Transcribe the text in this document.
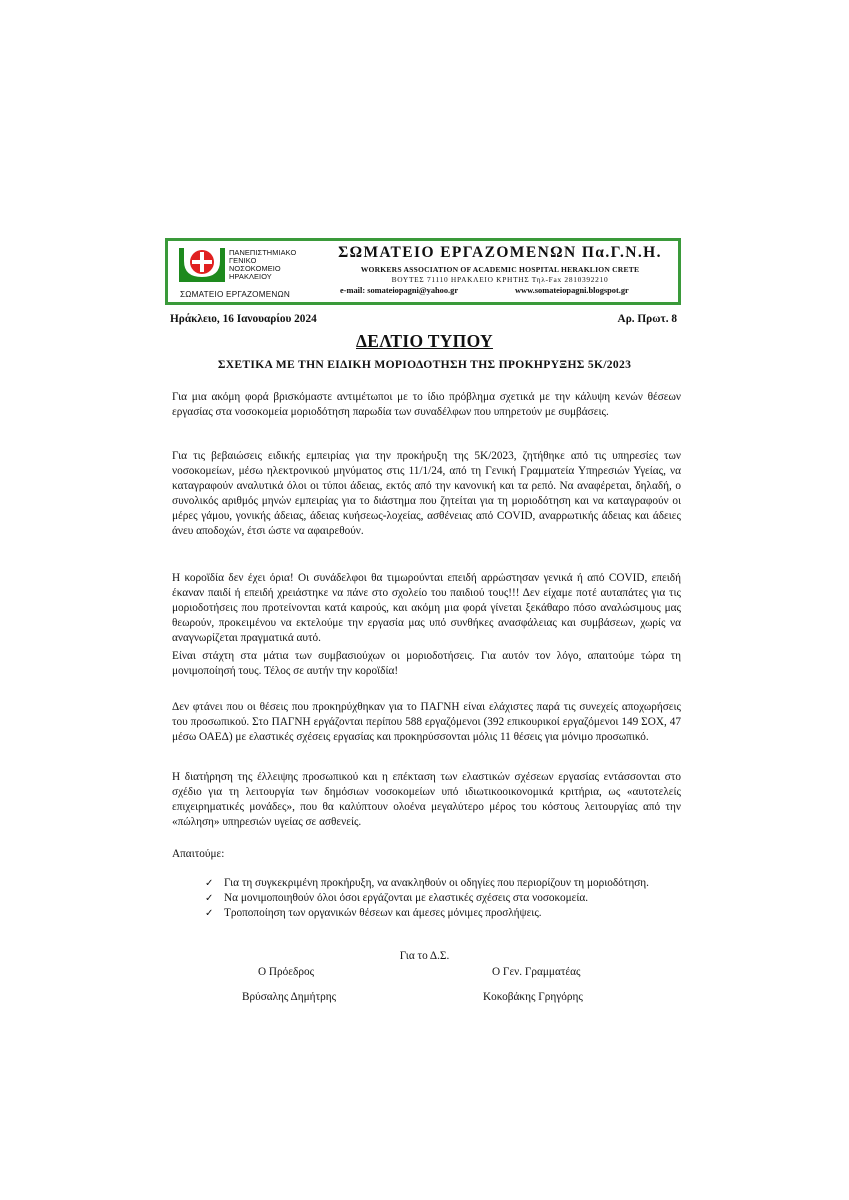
ΠΑΝΕΠΙΣΤΗΜΙΑΚΟ
ΓΕΝΙΚΟ
ΝΟΣΟΚΟΜΕΙΟ
ΗΡΑΚΛΕΙΟΥ
ΣΩΜΑΤΕΙΟ ΕΡΓΑΖΟΜΕΝΩΝ
ΣΩΜΑΤΕΙΟ ΕΡΓΑΖΟΜΕΝΩΝ Πα.Γ.Ν.Η.
WORKERS ASSOCIATION OF ACADEMIC HOSPITAL HERAKLION CRETE
ΒΟΥΤΕΣ 71110 ΗΡΑΚΛΕΙΟ ΚΡΗΤΗΣ Τηλ-Fax 2810392210
e-mail: somateiopagni@yahoo.gr	www.somateiopagni.blogspot.gr
Ηράκλειο, 16 Ιανουαρίου 2024	Αρ. Πρωτ. 8
ΔΕΛΤΙΟ ΤΥΠΟΥ
ΣΧΕΤΙΚΑ ΜΕ ΤΗΝ ΕΙΔΙΚΗ ΜΟΡΙΟΔΟΤΗΣΗ ΤΗΣ ΠΡΟΚΗΡΥΞΗΣ 5Κ/2023

Για μια ακόμη φορά βρισκόμαστε αντιμέτωποι με το ίδιο πρόβλημα σχετικά με την κάλυψη κενών θέσεων εργασίας στα νοσοκομεία μοριοδότηση παρωδία των συναδέλφων που υπηρετούν με συμβάσεις.

Για τις βεβαιώσεις ειδικής εμπειρίας για την προκήρυξη της 5Κ/2023, ζητήθηκε από τις υπηρεσίες των νοσοκομείων, μέσω ηλεκτρονικού μηνύματος στις 11/1/24, από τη Γενική Γραμματεία Υπηρεσιών Υγείας, να καταγραφούν αναλυτικά όλοι οι τύποι άδειας, εκτός από την κανονική και τα ρεπό. Να αναφέρεται, δηλαδή, ο συνολικός αριθμός μηνών εμπειρίας για το διάστημα που ζητείται για τη μοριοδότηση και να καταγραφούν οι μέρες γάμου, γονικής άδειας, άδειας κυήσεως-λοχείας, ασθένειας από COVID, αναρρωτικής άδειας και άδειες άνευ αποδοχών, έτσι ώστε να αφαιρεθούν.

Η κοροϊδία δεν έχει όρια! Οι συνάδελφοι θα τιμωρούνται επειδή αρρώστησαν γενικά ή από COVID, επειδή έκαναν παιδί ή επειδή χρειάστηκε να πάνε στο σχολείο του παιδιού τους!!! Δεν είχαμε ποτέ αυταπάτες για τις μοριοδοτήσεις που προτείνονται κατά καιρούς, και ακόμη μια φορά γίνεται ξεκάθαρο πόσο αναλώσιμους μας θεωρούν, προκειμένου να εκτελούμε την εργασία μας υπό συνθήκες ανασφάλειας και συμβάσεων, χωρίς να αναγνωρίζεται πραγματικά αυτό.

Είναι στάχτη στα μάτια των συμβασιούχων οι μοριοδοτήσεις. Για αυτόν τον λόγο, απαιτούμε τώρα τη μονιμοποίησή τους. Τέλος σε αυτήν την κοροϊδία!

Δεν φτάνει που οι θέσεις που προκηρύχθηκαν για το ΠΑΓΝΗ είναι ελάχιστες παρά τις συνεχείς αποχωρήσεις του προσωπικού. Στο ΠΑΓΝΗ εργάζονται περίπου 588 εργαζόμενοι (392 επικουρικοί εργαζόμενοι 149 ΣΟΧ, 47 μέσω ΟΑΕΔ) με ελαστικές σχέσεις εργασίας και προκηρύσσονται μόλις 11 θέσεις για μόνιμο προσωπικό.

Η διατήρηση της έλλειψης προσωπικού και η επέκταση των ελαστικών σχέσεων εργασίας εντάσσονται στο σχέδιο για τη λειτουργία των δημόσιων νοσοκομείων υπό ιδιωτικοοικονομικά κριτήρια, ως «αυτοτελείς επιχειρηματικές μονάδες», που θα καλύπτουν ολοένα μεγαλύτερο μέρος του κόστους λειτουργίας από την «πώληση» υπηρεσιών υγείας σε ασθενείς.

Απαιτούμε:

✓ Για τη συγκεκριμένη προκήρυξη, να ανακληθούν οι οδηγίες που περιορίζουν τη μοριοδότηση.
✓ Να μονιμοποιηθούν όλοι όσοι εργάζονται με ελαστικές σχέσεις στα νοσοκομεία.
✓ Τροποποίηση των οργανικών θέσεων και άμεσες μόνιμες προσλήψεις.
Για το Δ.Σ.
Ο Πρόεδρος	Ο Γεν. Γραμματέας
Βρύσαλης Δημήτρης	Κοκοβάκης Γρηγόρης
